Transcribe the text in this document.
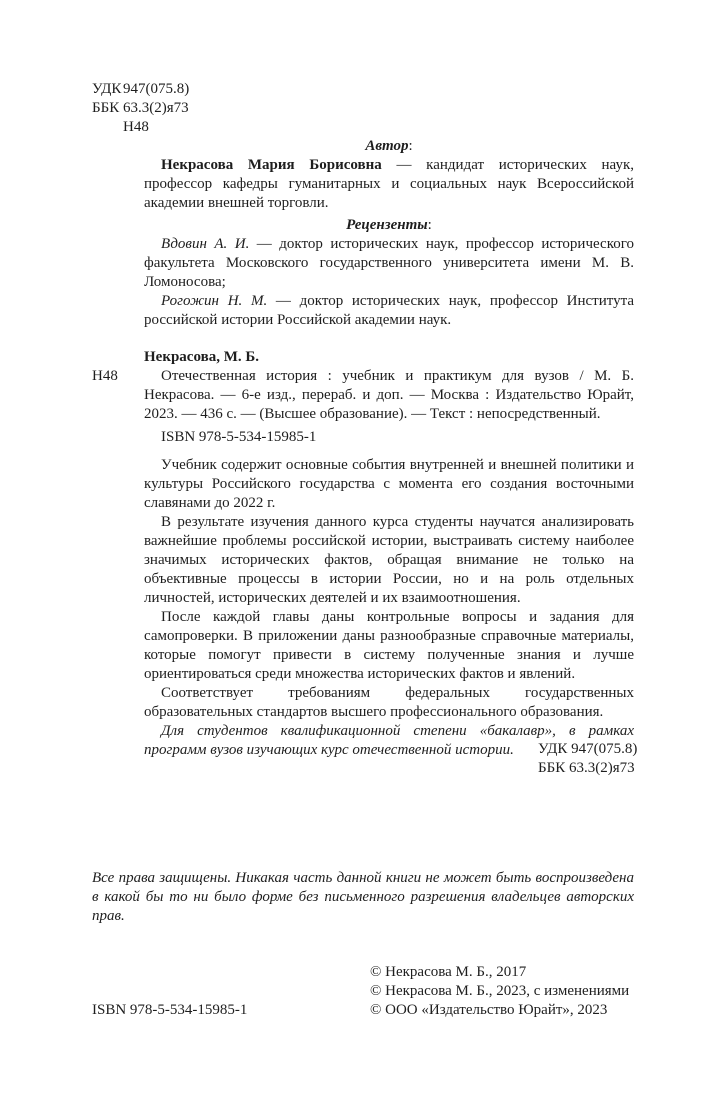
УДК 947(075.8)
ББК 63.3(2)я73
Н48
Автор:

Некрасова Мария Борисовна — кандидат исторических наук, профессор кафедры гуманитарных и социальных наук Всероссийской академии внешней торговли.

Рецензенты:

Вдовин А. И. — доктор исторических наук, профессор исторического факультета Московского государственного университета имени М. В. Ломоносова;

Рогожин Н. М. — доктор исторических наук, профессор Института российской истории Российской академии наук.

Некрасова, М. Б.
Н48	Отечественная история : учебник и практикум для вузов / М. Б. Некрасова. — 6-е изд., перераб. и доп. — Москва : Издательство Юрайт, 2023. — 436 с. — (Высшее образование). — Текст : непосредственный.

ISBN 978-5-534-15985-1

Учебник содержит основные события внутренней и внешней политики и культуры Российского государства с момента его создания восточными славянами до 2022 г.

В результате изучения данного курса студенты научатся анализировать важнейшие проблемы российской истории, выстраивать систему наиболее значимых исторических фактов, обращая внимание не только на объективные процессы в истории России, но и на роль отдельных личностей, исторических деятелей и их взаимоотношения.

После каждой главы даны контрольные вопросы и задания для самопроверки. В приложении даны разнообразные справочные материалы, которые помогут привести в систему полученные знания и лучше ориентироваться среди множества исторических фактов и явлений.

Соответствует требованиям федеральных государственных образовательных стандартов высшего профессионального образования.

Для студентов квалификационной степени «бакалавр», в рамках программ вузов изучающих курс отечественной истории.	УДК 947(075.8)
ББК 63.3(2)я73
Все права защищены. Никакая часть данной книги не может быть воспроизведена в какой бы то ни было форме без письменного разрешения владельцев авторских прав.
© Некрасова М. Б., 2017
© Некрасова М. Б., 2023, с изменениями
© ООО «Издательство Юрайт», 2023
ISBN 978-5-534-15985-1
